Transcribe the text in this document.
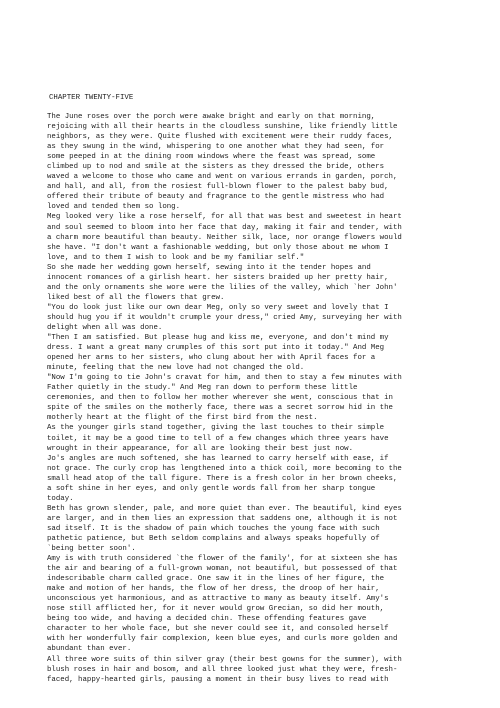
CHAPTER TWENTY-FIVE
The June roses over the porch were awake bright and early on that morning,
rejoicing with all their hearts in the cloudless sunshine, like friendly little
neighbors, as they were. Quite flushed with excitement were their ruddy faces,
as they swung in the wind, whispering to one another what they had seen, for
some peeped in at the dining room windows where the feast was spread, some
climbed up to nod and smile at the sisters as they dressed the bride, others
waved a welcome to those who came and went on various errands in garden, porch,
and hall, and all, from the rosiest full-blown flower to the palest baby bud,
offered their tribute of beauty and fragrance to the gentle mistress who had
loved and tended them so long.
Meg looked very like a rose herself, for all that was best and sweetest in heart
and soul seemed to bloom into her face that day, making it fair and tender, with
a charm more beautiful than beauty. Neither silk, lace, nor orange flowers would
she have. "I don't want a fashionable wedding, but only those about me whom I
love, and to them I wish to look and be my familiar self."
So she made her wedding gown herself, sewing into it the tender hopes and
innocent romances of a girlish heart. her sisters braided up her pretty hair,
and the only ornaments she wore were the lilies of the valley, which `her John'
liked best of all the flowers that grew.
"You do look just like our own dear Meg, only so very sweet and lovely that I
should hug you if it wouldn't crumple your dress," cried Amy, surveying her with
delight when all was done.
"Then I am satisfied. But please hug and kiss me, everyone, and don't mind my
dress. I want a great many crumples of this sort put into it today." And Meg
opened her arms to her sisters, who clung about her with April faces for a
minute, feeling that the new love had not changed the old.
"Now I'm going to tie John's cravat for him, and then to stay a few minutes with
Father quietly in the study." And Meg ran down to perform these little
ceremonies, and then to follow her mother wherever she went, conscious that in
spite of the smiles on the motherly face, there was a secret sorrow hid in the
motherly heart at the flight of the first bird from the nest.
As the younger girls stand together, giving the last touches to their simple
toilet, it may be a good time to tell of a few changes which three years have
wrought in their appearance, for all are looking their best just now.
Jo's angles are much softened, she has learned to carry herself with ease, if
not grace. The curly crop has lengthened into a thick coil, more becoming to the
small head atop of the tall figure. There is a fresh color in her brown cheeks,
a soft shine in her eyes, and only gentle words fall from her sharp tongue
today.
Beth has grown slender, pale, and more quiet than ever. The beautiful, kind eyes
are larger, and in them lies an expression that saddens one, although it is not
sad itself. It is the shadow of pain which touches the young face with such
pathetic patience, but Beth seldom complains and always speaks hopefully of
`being better soon'.
Amy is with truth considered `the flower of the family', for at sixteen she has
the air and bearing of a full-grown woman, not beautiful, but possessed of that
indescribable charm called grace. One saw it in the lines of her figure, the
make and motion of her hands, the flow of her dress, the droop of her hair,
unconscious yet harmonious, and as attractive to many as beauty itself. Amy's
nose still afflicted her, for it never would grow Grecian, so did her mouth,
being too wide, and having a decided chin. These offending features gave
character to her whole face, but she never could see it, and consoled herself
with her wonderfully fair complexion, keen blue eyes, and curls more golden and
abundant than ever.
All three wore suits of thin silver gray (their best gowns for the summer), with
blush roses in hair and bosom, and all three looked just what they were, fresh-
faced, happy-hearted girls, pausing a moment in their busy lives to read with
